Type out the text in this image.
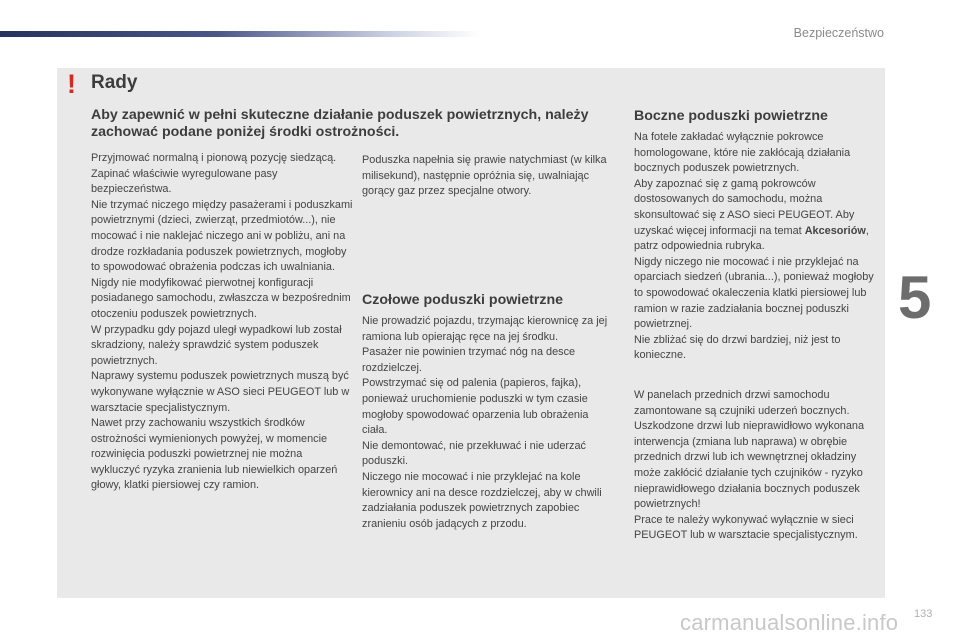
Bezpieczeństwo
5
! Rady
Aby zapewnić w pełni skuteczne działanie poduszek powietrznych, należy zachować podane poniżej środki ostrożności.

Przyjmować normalną i pionową pozycję siedzącą.

Zapinać właściwie wyregulowane pasy bezpieczeństwa.

Nie trzymać niczego między pasażerami i poduszkami powietrznymi (dzieci, zwierząt, przedmiotów...), nie mocować i nie naklejać niczego ani w pobliżu, ani na drodze rozkładania poduszek powietrznych, mogłoby to spowodować obrażenia podczas ich uwalniania.

Nigdy nie modyfikować pierwotnej konfiguracji posiadanego samochodu, zwłaszcza w bezpośrednim otoczeniu poduszek powietrznych.

W przypadku gdy pojazd uległ wypadkowi lub został skradziony, należy sprawdzić system poduszek powietrznych.

Naprawy systemu poduszek powietrznych muszą być wykonywane wyłącznie w ASO sieci PEUGEOT lub w warsztacie specjalistycznym.

Nawet przy zachowaniu wszystkich środków ostrożności wymienionych powyżej, w momencie rozwinięcia poduszki powietrznej nie można wykluczyć ryzyka zranienia lub niewielkich oparzeń głowy, klatki piersiowej czy ramion.

Poduszka napełnia się prawie natychmiast (w kilka milisekund), następnie opróżnia się, uwalniając gorący gaz przez specjalne otwory.

Czołowe poduszki powietrzne

Nie prowadzić pojazdu, trzymając kierownicę za jej ramiona lub opierając ręce na jej środku.

Pasażer nie powinien trzymać nóg na desce rozdzielczej.

Powstrzymać się od palenia (papieros, fajka), ponieważ uruchomienie poduszki w tym czasie mogłoby spowodować oparzenia lub obrażenia ciała.

Nie demontować, nie przekłuwać i nie uderzać poduszki.

Niczego nie mocować i nie przyklejać na kole kierownicy ani na desce rozdzielczej, aby w chwili zadziałania poduszek powietrznych zapobiec zranieniu osób jadących z przodu.

Boczne poduszki powietrzne

Na fotele zakładać wyłącznie pokrowce homologowane, które nie zakłócają działania bocznych poduszek powietrznych.

Aby zapoznać się z gamą pokrowców dostosowanych do samochodu, można skonsultować się z ASO sieci PEUGEOT. Aby uzyskać więcej informacji na temat Akcesoriów, patrz odpowiednia rubryka.

Nigdy niczego nie mocować i nie przyklejać na oparciach siedzeń (ubrania...), ponieważ mogłoby to spowodować okaleczenia klatki piersiowej lub ramion w razie zadziałania bocznej poduszki powietrznej.

Nie zbliżać się do drzwi bardziej, niż jest to konieczne.

W panelach przednich drzwi samochodu zamontowane są czujniki uderzeń bocznych.

Uszkodzone drzwi lub nieprawidłowo wykonana interwencja (zmiana lub naprawa) w obrębie przednich drzwi lub ich wewnętrznej okładziny może zakłócić działanie tych czujników - ryzyko nieprawidłowego działania bocznych poduszek powietrznych!

Prace te należy wykonywać wyłącznie w sieci PEUGEOT lub w warsztacie specjalistycznym.

carmanualsonline.info 133
